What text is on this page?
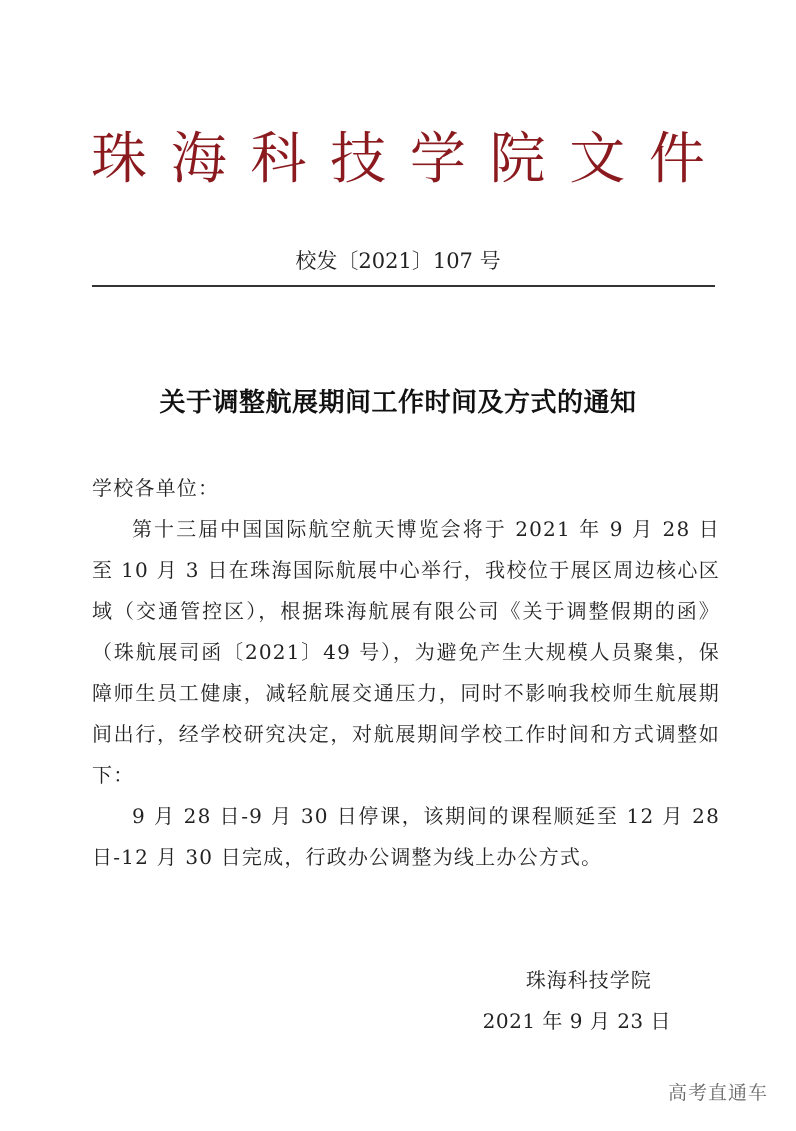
珠 海 科 技 学 院 文 件
校发〔2021〕107 号
关于调整航展期间工作时间及方式的通知

学校各单位：

第十三届中国国际航空航天博览会将于 2021 年 9 月 28 日至 10 月 3 日在珠海国际航展中心举行，我校位于展区周边核心区域（交通管控区），根据珠海航展有限公司《关于调整假期的函》（珠航展司函〔2021〕49 号），为避免产生大规模人员聚集，保障师生员工健康，减轻航展交通压力，同时不影响我校师生航展期间出行，经学校研究决定，对航展期间学校工作时间和方式调整如下：

9 月 28 日-9 月 30 日停课，该期间的课程顺延至 12 月 28 日-12 月 30 日完成，行政办公调整为线上办公方式。

珠海科技学院
2021 年 9 月 23 日
高考直通车
